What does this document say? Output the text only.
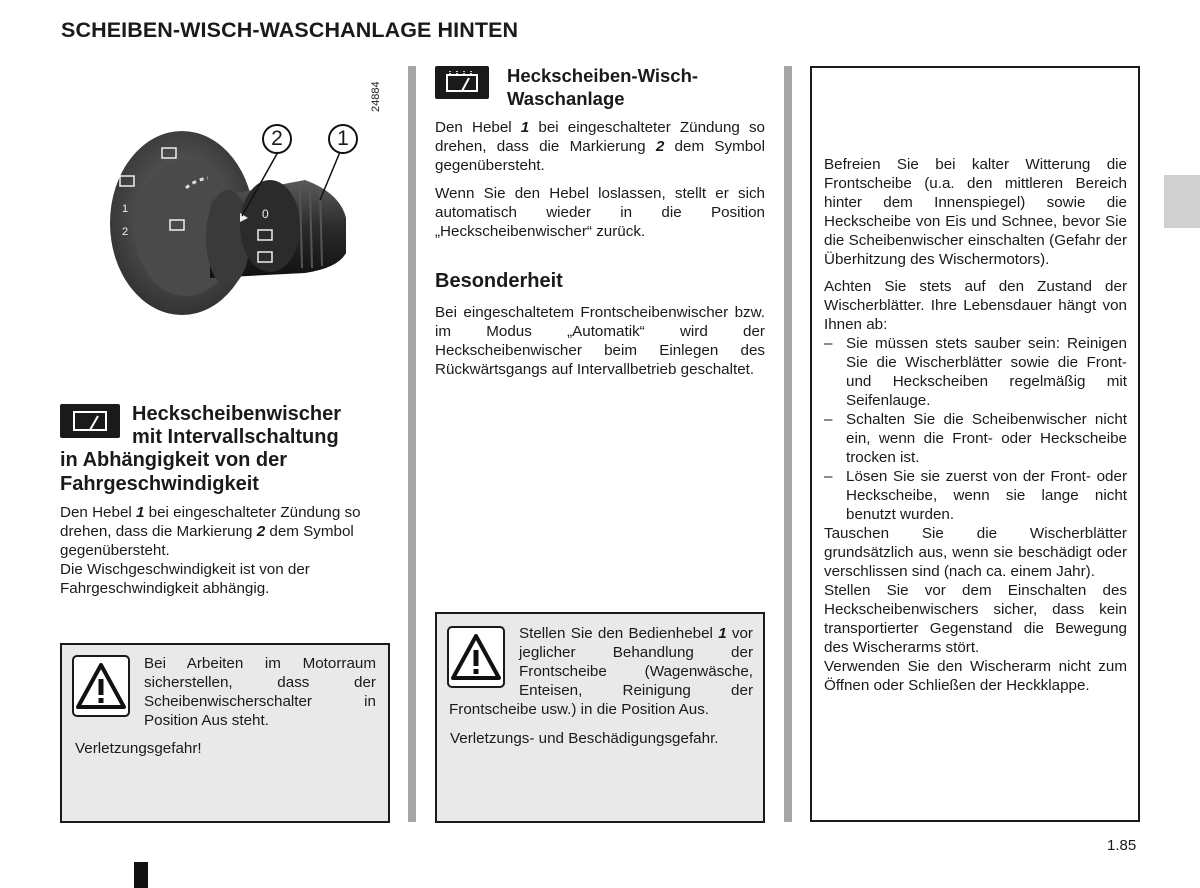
SCHEIBEN-WISCH-WASCHANLAGE HINTEN
1
2
0
2	1
24884
Heckscheibenwischer
mit Intervallschaltung
in Abhängigkeit von der
Fahrgeschwindigkeit

Den Hebel 1 bei eingeschalteter Zündung so drehen, dass die Markierung 2 dem Symbol gegenübersteht.

Die Wischgeschwindigkeit ist von der Fahrgeschwindigkeit abhängig.

Bei Arbeiten im Motorraum sicherstellen, dass der Scheibenwischerschalter in Position Aus steht.
Verletzungsgefahr!
Heckscheiben-Wisch-
Waschanlage

Den Hebel 1 bei eingeschalteter Zündung so drehen, dass die Markierung 2 dem Symbol gegenübersteht.

Wenn Sie den Hebel loslassen, stellt er sich automatisch wieder in die Position „Heckscheibenwischer“ zurück.

Besonderheit
Bei eingeschaltetem Frontscheibenwischer bzw. im Modus „Automatik“ wird der Heckscheibenwischer beim Einlegen des Rückwärtsgangs auf Intervallbetrieb geschaltet.
Stellen Sie den Bedienhebel 1 vor jeglicher Behandlung der Frontscheibe (Wagenwäsche, Enteisen, Reinigung der Frontscheibe usw.) in die Position Aus.
Verletzungs- und Beschädigungsgefahr.

Befreien Sie bei kalter Witterung die Frontscheibe (u.a. den mittleren Bereich hinter dem Innenspiegel) sowie die Heckscheibe von Eis und Schnee, bevor Sie die Scheibenwischer einschalten (Gefahr der Überhitzung des Wischermotors).

Achten Sie stets auf den Zustand der Wischerblätter. Ihre Lebensdauer hängt von Ihnen ab:

– Sie müssen stets sauber sein: Reinigen Sie die Wischerblätter sowie die Front- und Heckscheiben regelmäßig mit Seifenlauge.
– Schalten Sie die Scheibenwischer nicht ein, wenn die Front- oder Heckscheibe trocken ist.
– Lösen Sie sie zuerst von der Front- oder Heckscheibe, wenn sie lange nicht benutzt wurden.

Tauschen Sie die Wischerblätter grundsätzlich aus, wenn sie beschädigt oder verschlissen sind (nach ca. einem Jahr).

Stellen Sie vor dem Einschalten des Heckscheibenwischers sicher, dass kein transportierter Gegenstand die Bewegung des Wischerarms stört.

Verwenden Sie den Wischerarm nicht zum Öffnen oder Schließen der Heckklappe.

1.85
